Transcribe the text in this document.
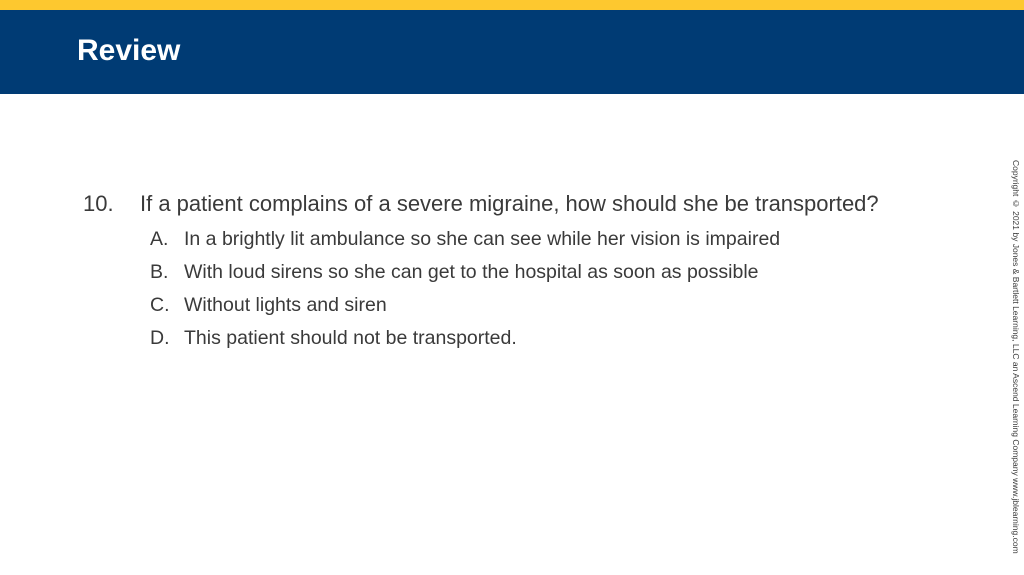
Review
10. If a patient complains of a severe migraine, how should she be transported?
A. In a brightly lit ambulance so she can see while her vision is impaired
B. With loud sirens so she can get to the hospital as soon as possible
C. Without lights and siren
D. This patient should not be transported.	Copyright © 2021 by Jones & Bartlett Learning, LLC an Ascend Learning Company www.jblearning.com
